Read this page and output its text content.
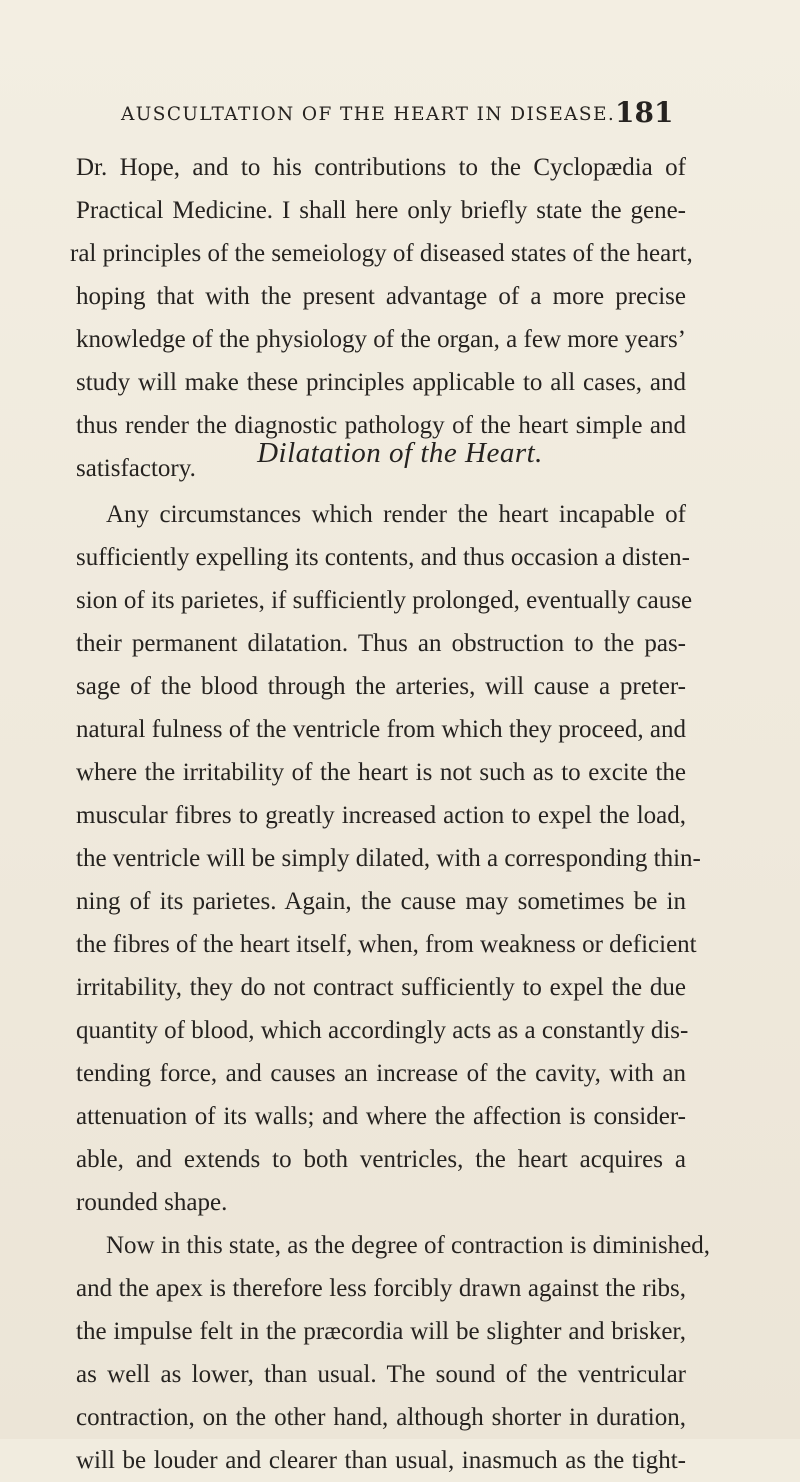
AUSCULTATION OF THE HEART IN DISEASE. 181
Dr. Hope, and to his contributions to the Cyclopædia of
Practical Medicine. I shall here only briefly state the gene-
ral principles of the semeiology of diseased states of the heart,
hoping that with the present advantage of a more precise
knowledge of the physiology of the organ, a few more years’
study will make these principles applicable to all cases, and
thus render the diagnostic pathology of the heart simple and
satisfactory.	Dilatation of the Heart.
Any circumstances which render the heart incapable of
sufficiently expelling its contents, and thus occasion a disten-
sion of its parietes, if sufficiently prolonged, eventually cause
their permanent dilatation. Thus an obstruction to the pas-
sage of the blood through the arteries, will cause a preter-
natural fulness of the ventricle from which they proceed, and
where the irritability of the heart is not such as to excite the
muscular fibres to greatly increased action to expel the load,
the ventricle will be simply dilated, with a corresponding thin-
ning of its parietes. Again, the cause may sometimes be in
the fibres of the heart itself, when, from weakness or deficient
irritability, they do not contract sufficiently to expel the due
quantity of blood, which accordingly acts as a constantly dis-
tending force, and causes an increase of the cavity, with an
attenuation of its walls; and where the affection is consider-
able, and extends to both ventricles, the heart acquires a
rounded shape.
Now in this state, as the degree of contraction is diminished,
and the apex is therefore less forcibly drawn against the ribs,
the impulse felt in the præcordia will be slighter and brisker,
as well as lower, than usual. The sound of the ventricular
contraction, on the other hand, although shorter in duration,
will be louder and clearer than usual, inasmuch as the tight-
